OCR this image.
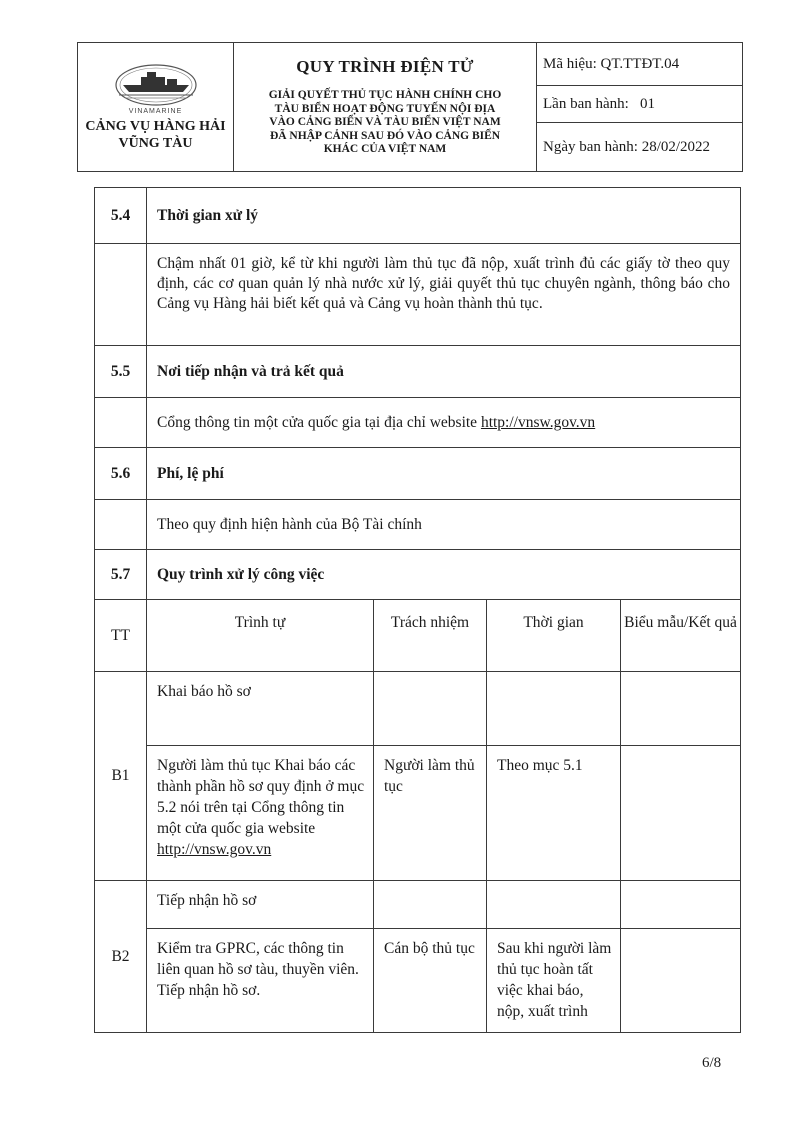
VINAMARINE
CẢNG VỤ HÀNG HẢI
VŨNG TÀU

QUY TRÌNH ĐIỆN TỬ
GIẢI QUYẾT THỦ TỤC HÀNH CHÍNH CHO
TÀU BIỂN HOẠT ĐỘNG TUYẾN NỘI ĐỊA
VÀO CẢNG BIỂN VÀ TÀU BIỂN VIỆT NAM
ĐÃ NHẬP CẢNH SAU ĐÓ VÀO CẢNG BIỂN
KHÁC CỦA VIỆT NAM
	Mã hiệu: QT.TTĐT.04
Lần ban hành:   01
Ngày ban hành: 28/02/2022
5.4	Thời gian xử lý			
	Chậm nhất 01 giờ, kể từ khi người làm thủ tục đã nộp, xuất trình đủ các giấy tờ theo quy định, các cơ quan quản lý nhà nước xử lý, giải quyết thủ tục chuyên ngành, thông báo cho Cảng vụ Hàng hải biết kết quả và Cảng vụ hoàn thành thủ tục.			
5.5	Nơi tiếp nhận và trả kết quả			
	Cổng thông tin một cửa quốc gia tại địa chỉ website http://vnsw.gov.vn			
5.6	Phí, lệ phí			
	Theo quy định hiện hành của Bộ Tài chính			
5.7	Quy trình xử lý công việc			
TT	Trình tự	Trách nhiệm	Thời gian	Biểu mẫu/Kết quả
B1	Khai báo hồ sơ			
	Người làm thủ tục Khai báo các thành phần hồ sơ quy định ở mục 5.2 nói trên tại Cổng thông tin một cửa quốc gia website http://vnsw.gov.vn	Người làm thủ tục	Theo mục 5.1	
B2	Tiếp nhận hồ sơ			
	Kiểm tra GPRC, các thông tin liên quan hồ sơ tàu, thuyền viên. Tiếp nhận hồ sơ.	Cán bộ thủ tục	Sau khi người làm thủ tục hoàn tất việc khai báo, nộp, xuất trình	
6/8
